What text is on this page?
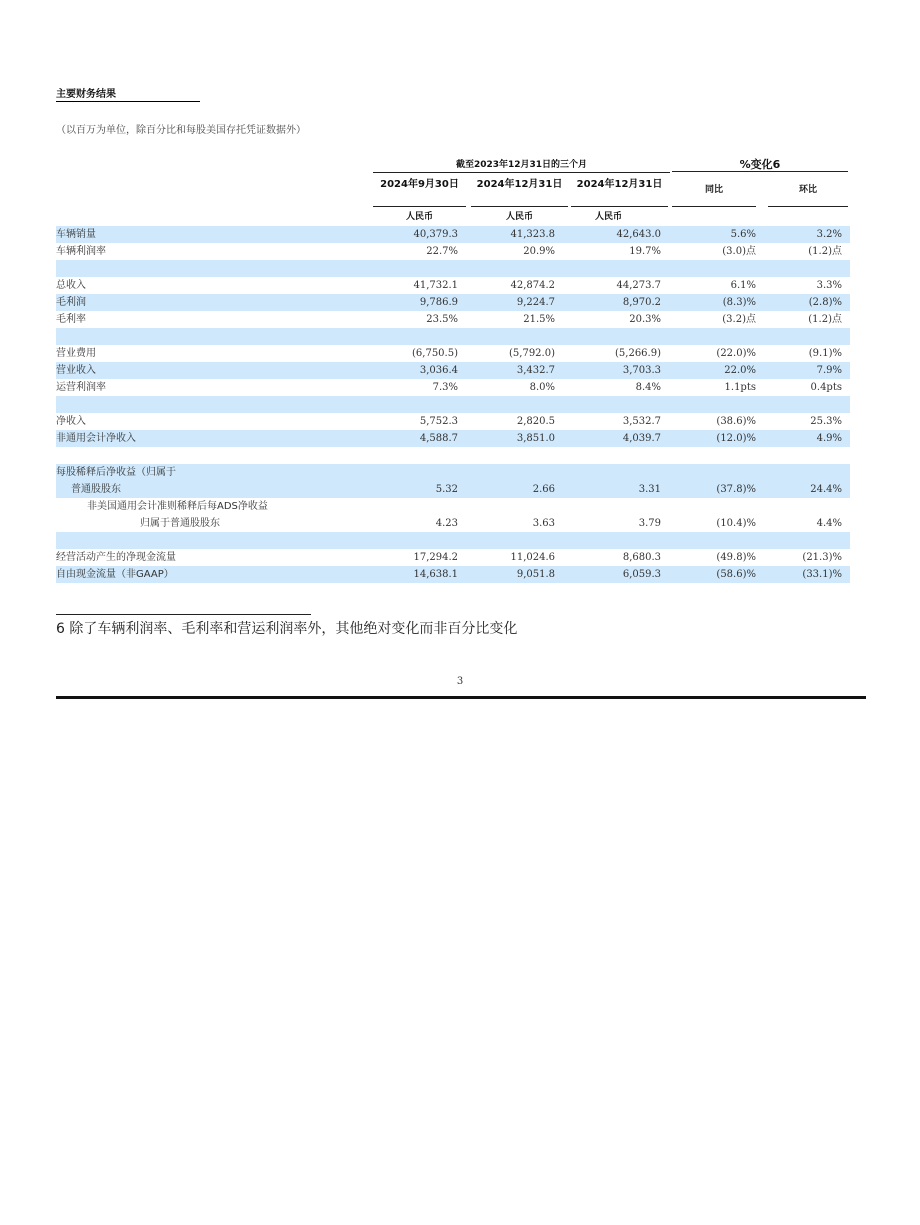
主要财务结果
（以百万为单位，除百分比和每股美国存托凭证数据外）
截至2023年12月31日的三个月	%变化6
2024年9月30日	2024年12月31日	2024年12月31日	同比	环比
人民币	人民币	人民币
车辆销量	40,379.3	41,323.8	42,643.0	5.6%	3.2%
车辆利润率	22.7%	20.9%	19.7%	(3.0)点	(1.2)点
总收入	41,732.1	42,874.2	44,273.7	6.1%	3.3%
毛利润	9,786.9	9,224.7	8,970.2	(8.3)%	(2.8)%
毛利率	23.5%	21.5%	20.3%	(3.2)点	(1.2)点
营业费用	(6,750.5)	(5,792.0)	(5,266.9)	(22.0)%	(9.1)%
营业收入	3,036.4	3,432.7	3,703.3	22.0%	7.9%
运营利润率	7.3%	8.0%	8.4%	1.1pts	0.4pts
净收入	5,752.3	2,820.5	3,532.7	(38.6)%	25.3%
非通用会计净收入	4,588.7	3,851.0	4,039.7	(12.0)%	4.9%
每股稀释后净收益（归属于
普通股股东	5.32	2.66	3.31	(37.8)%	24.4%
非美国通用会计准则稀释后每ADS净收益
归属于普通股股东	4.23	3.63	3.79	(10.4)%	4.4%
经营活动产生的净现金流量	17,294.2	11,024.6	8,680.3	(49.8)%	(21.3)%
自由现金流量（非GAAP）	14,638.1	9,051.8	6,059.3	(58.6)%	(33.1)%
6 除了车辆利润率、毛利率和营运利润率外，其他绝对变化而非百分比变化
3
